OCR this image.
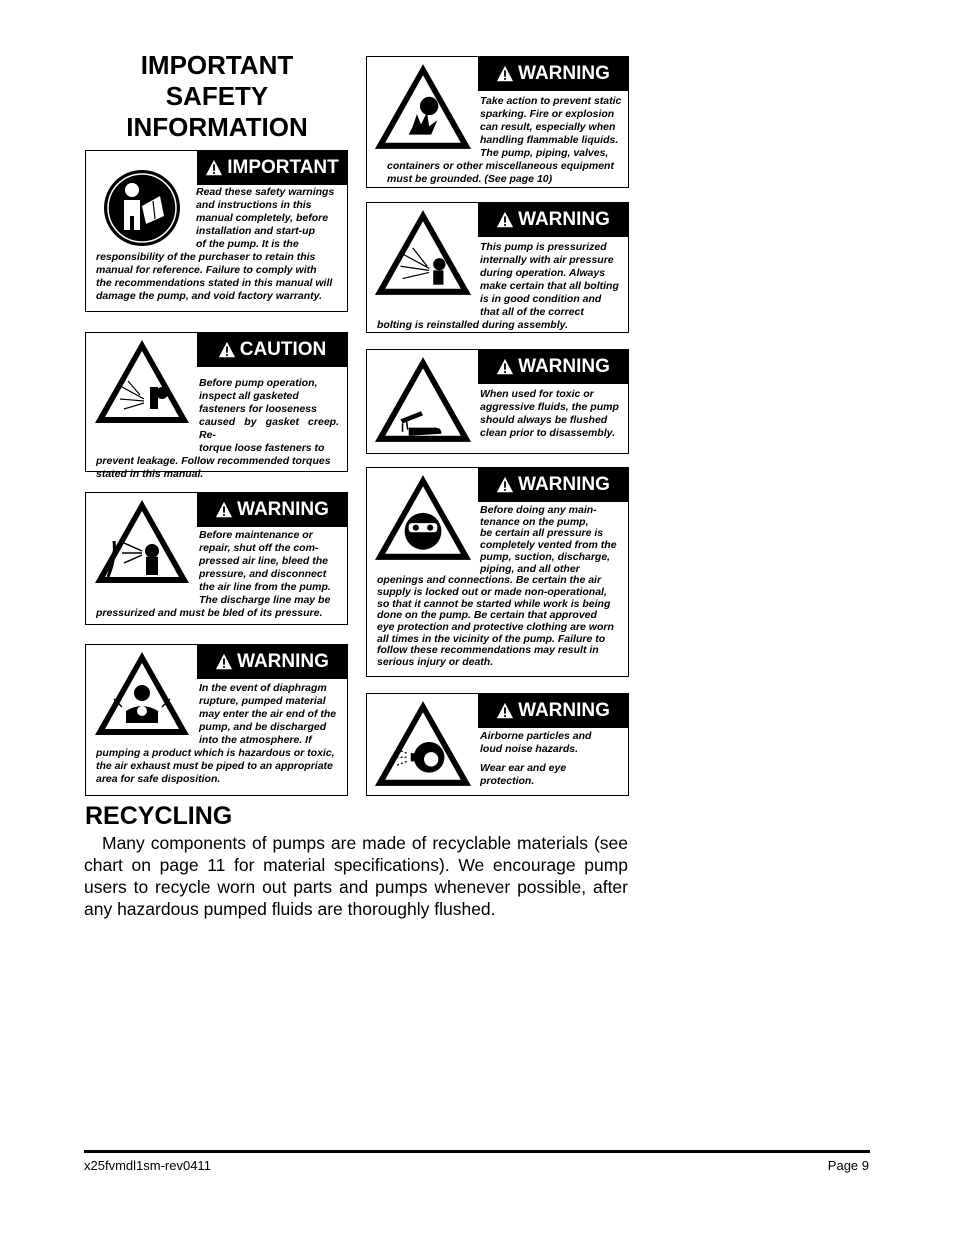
IMPORTANT SAFETY
INFORMATION
IMPORTANT
Read these safety warnings
and instructions in this
manual completely, before
installation and start-up
of the pump. It is the
responsibility of the purchaser to retain this
manual for reference. Failure to comply with
the recommendations stated in this manual will
damage the pump, and void factory warranty.
CAUTION
Before pump operation,
inspect all gasketed
fasteners for looseness
caused by gasket creep. Re-
torque loose fasteners to
prevent leakage. Follow recommended torques
stated in this manual.
WARNING
Before maintenance or
repair, shut off the com-
pressed air line, bleed the
pressure, and disconnect
the air line from the pump.
The discharge line may be
pressurized and must be bled of its pressure.
WARNING
In the event of diaphragm
rupture, pumped material
may enter the air end of the
pump, and be discharged
into the atmosphere. If
pumping a product which is hazardous or toxic,
the air exhaust must be piped to an appropriate
area for safe disposition.
WARNING
Take action to prevent static
sparking. Fire or explosion
can result, especially when
handling flammable liquids.
The pump, piping, valves,
containers or other miscellaneous equipment
must be grounded. (See page 10)
WARNING
This pump is pressurized
internally with air pressure
during operation. Always
make certain that all bolting
is in good condition and
that all of the correct
bolting is reinstalled during assembly.
WARNING
When used for toxic or
aggressive fluids, the pump
should always be flushed
clean prior to disassembly.
WARNING
Before doing any main-
tenance on the pump,
be certain all pressure is
completely vented from the
pump, suction, discharge,
piping, and all other
openings and connections. Be certain the air
supply is locked out or made non-operational,
so that it cannot be started while work is being
done on the pump. Be certain that approved
eye protection and protective clothing are worn
all times in the vicinity of the pump. Failure to
follow these recommendations may result in
serious injury or death.
WARNING
Airborne particles and
loud noise hazards.
Wear ear and eye
protection.
RECYCLING
Many components of pumps are made of recyclable materials (see chart on page 11 for material specifications). We encourage pump users to recycle worn out parts and pumps whenever possible, after any hazardous pumped fluids are thoroughly flushed.
x25fvmdl1sm-rev0411	Page 9
